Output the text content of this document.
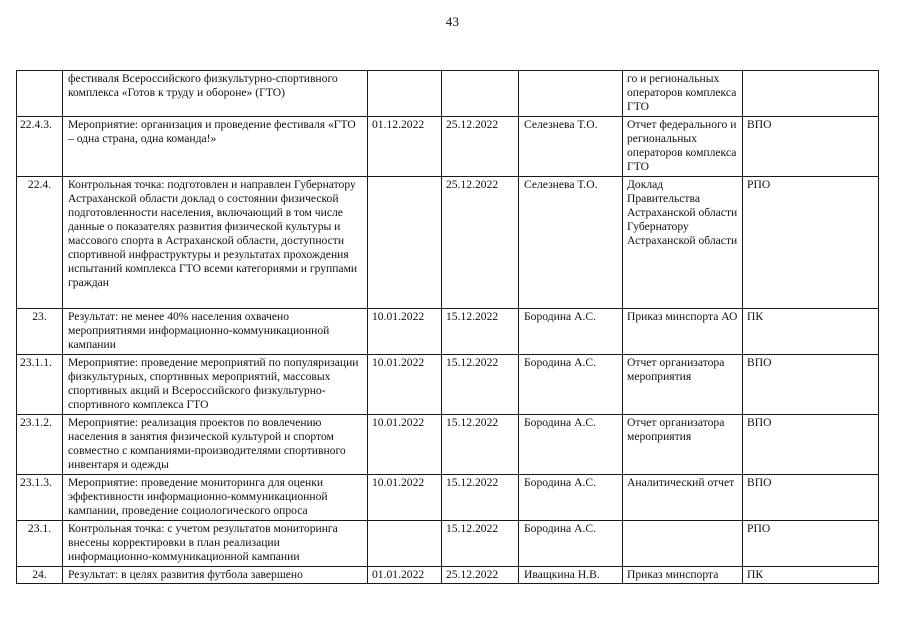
43
	фестиваля Всероссийского физкультурно-спортивного комплекса «Готов к труду и обороне» (ГТО)				го и региональных операторов комплекса ГТО	
22.4.3.	Мероприятие: организация и проведение фестиваля «ГТО – одна страна, одна команда!»	01.12.2022	25.12.2022	Селезнева Т.О.	Отчет федерального и региональных операторов комплекса ГТО	ВПО
22.4.	Контрольная точка: подготовлен и направлен Губернатору Астраханской области доклад о состоянии физической подготовленности населения, включающий в том числе данные о показателях развития физической культуры и массового спорта в Астраханской области, доступности спортивной инфраструктуры и результатах прохождения испытаний комплекса ГТО всеми категориями и группами граждан		25.12.2022	Селезнева Т.О.	Доклад Правительства Астраханской области Губернатору Астраханской области	РПО
23.	Результат: не менее 40% населения охвачено мероприятиями информационно-коммуникационной кампании	10.01.2022	15.12.2022	Бородина А.С.	Приказ минспорта АО	ПК
23.1.1.	Мероприятие: проведение мероприятий по популяризации физкультурных, спортивных мероприятий, массовых спортивных акций и Всероссийского физкультурно-спортивного комплекса ГТО	10.01.2022	15.12.2022	Бородина А.С.	Отчет организатора мероприятия	ВПО
23.1.2.	Мероприятие: реализация проектов по вовлечению населения в занятия физической культурой и спортом совместно с компаниями-производителями спортивного инвентаря и одежды	10.01.2022	15.12.2022	Бородина А.С.	Отчет организатора мероприятия	ВПО
23.1.3.	Мероприятие: проведение мониторинга для оценки эффективности информационно-коммуникационной кампании, проведение социологического опроса	10.01.2022	15.12.2022	Бородина А.С.	Аналитический отчет	ВПО
23.1.	Контрольная точка: с учетом результатов мониторинга внесены корректировки в план реализации информационно-коммуникационной кампании		15.12.2022	Бородина А.С.		РПО
24.	Результат: в целях развития футбола завершено	01.01.2022	25.12.2022	Иващкина Н.В.	Приказ минспорта	ПК
